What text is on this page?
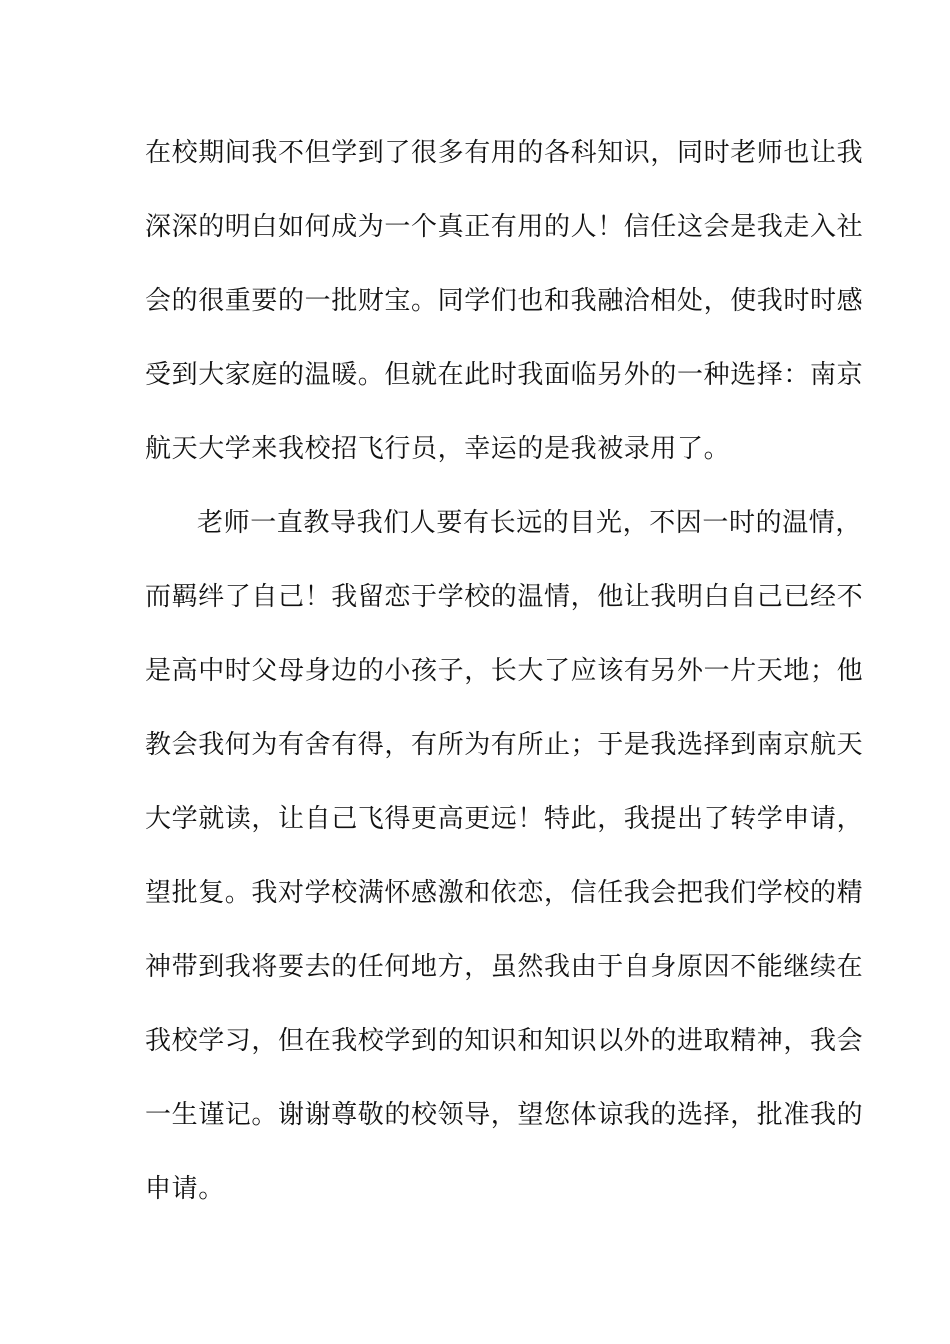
在校期间我不但学到了很多有用的各科知识，同时老师也让我
深深的明白如何成为一个真正有用的人！信任这会是我走入社
会的很重要的一批财宝。同学们也和我融洽相处，使我时时感
受到大家庭的温暖。但就在此时我面临另外的一种选择：南京
航天大学来我校招飞行员，幸运的是我被录用了。
老师一直教导我们人要有长远的目光，不因一时的温情，
而羁绊了自己！我留恋于学校的温情，他让我明白自己已经不
是高中时父母身边的小孩子，长大了应该有另外一片天地；他
教会我何为有舍有得，有所为有所止；于是我选择到南京航天
大学就读，让自己飞得更高更远！特此，我提出了转学申请，
望批复。我对学校满怀感激和依恋，信任我会把我们学校的精
神带到我将要去的任何地方，虽然我由于自身原因不能继续在
我校学习，但在我校学到的知识和知识以外的进取精神，我会
一生谨记。谢谢尊敬的校领导，望您体谅我的选择，批准我的
申请。
